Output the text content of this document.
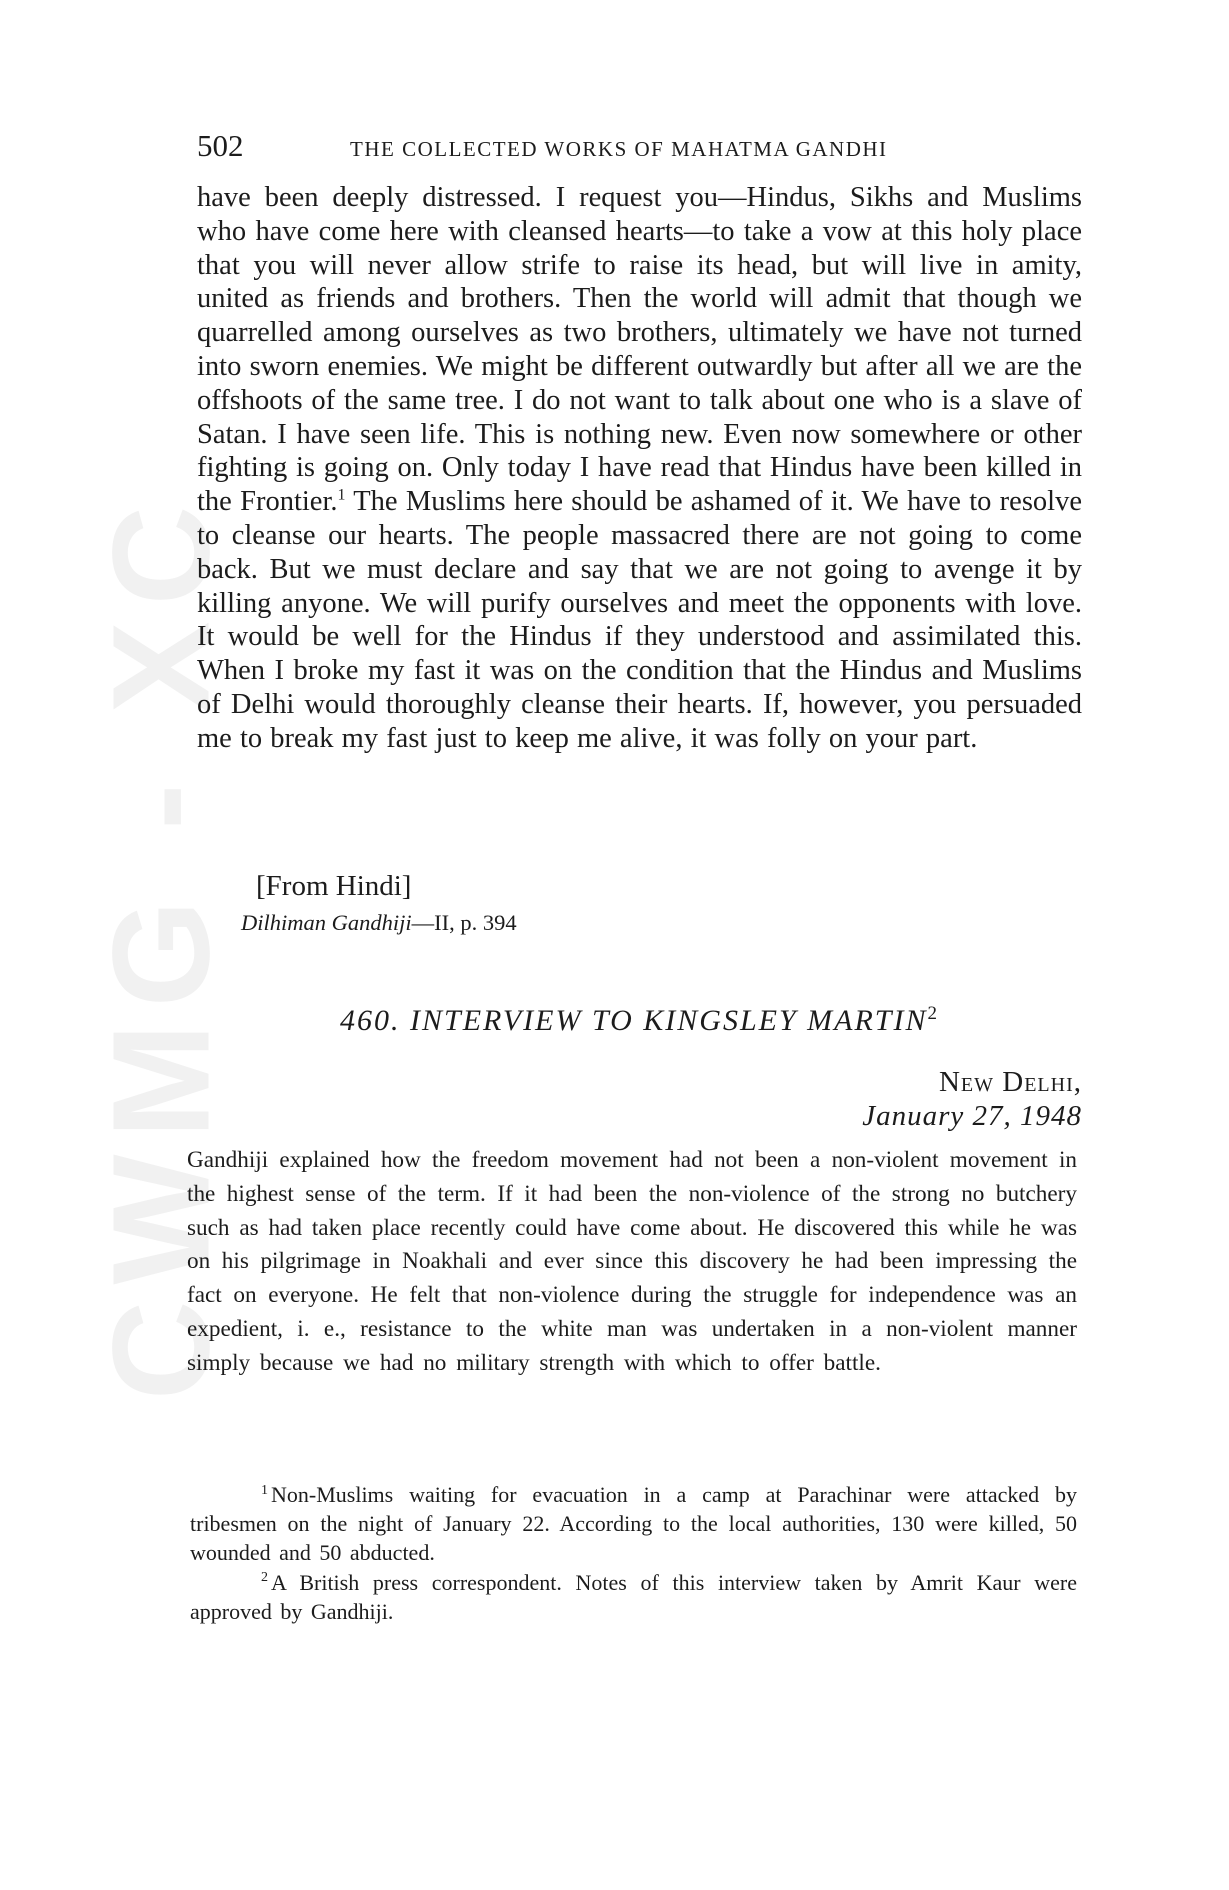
CWMG - XC
502	THE COLLECTED WORKS OF MAHATMA GANDHI

have been deeply distressed. I request you—Hindus, Sikhs and Muslims who have come here with cleansed hearts—to take a vow at this holy place that you will never allow strife to raise its head, but will live in amity, united as friends and brothers. Then the world will admit that though we quarrelled among ourselves as two brothers, ultimately we have not turned into sworn enemies. We might be different outwardly but after all we are the offshoots of the same tree. I do not want to talk about one who is a slave of Satan. I have seen life. This is nothing new. Even now somewhere or other fighting is going on. Only today I have read that Hindus have been killed in the Frontier.$^1$ The Muslims here should be ashamed of it. We have to resolve to cleanse our hearts. The people massacred there are not going to come back. But we must declare and say that we are not going to avenge it by killing anyone. We will purify ourselves and meet the opponents with love. It would be well for the Hindus if they understood and assimilated this. When I broke my fast it was on the condition that the Hindus and Muslims of Delhi would thoroughly cleanse their hearts. If, however, you persuaded me to break my fast just to keep me alive, it was folly on your part.

[From Hindi]
Dilhiman Gandhiji—II, p. 394
460. INTERVIEW TO KINGSLEY MARTIN$^2$
New Delhi,
January 27, 1948

Gandhiji explained how the freedom movement had not been a non-violent movement in the highest sense of the term. If it had been the non-violence of the strong no butchery such as had taken place recently could have come about. He discovered this while he was on his pilgrimage in Noakhali and ever since this discovery he had been impressing the fact on everyone. He felt that non-violence during the struggle for independence was an expedient, i. e., resistance to the white man was undertaken in a non-violent manner simply because we had no military strength with which to offer battle.

$^1$ Non-Muslims waiting for evacuation in a camp at Parachinar were attacked by tribesmen on the night of January 22. According to the local authorities, 130 were killed, 50 wounded and 50 abducted.

$^2$ A British press correspondent. Notes of this interview taken by Amrit Kaur were approved by Gandhiji.
